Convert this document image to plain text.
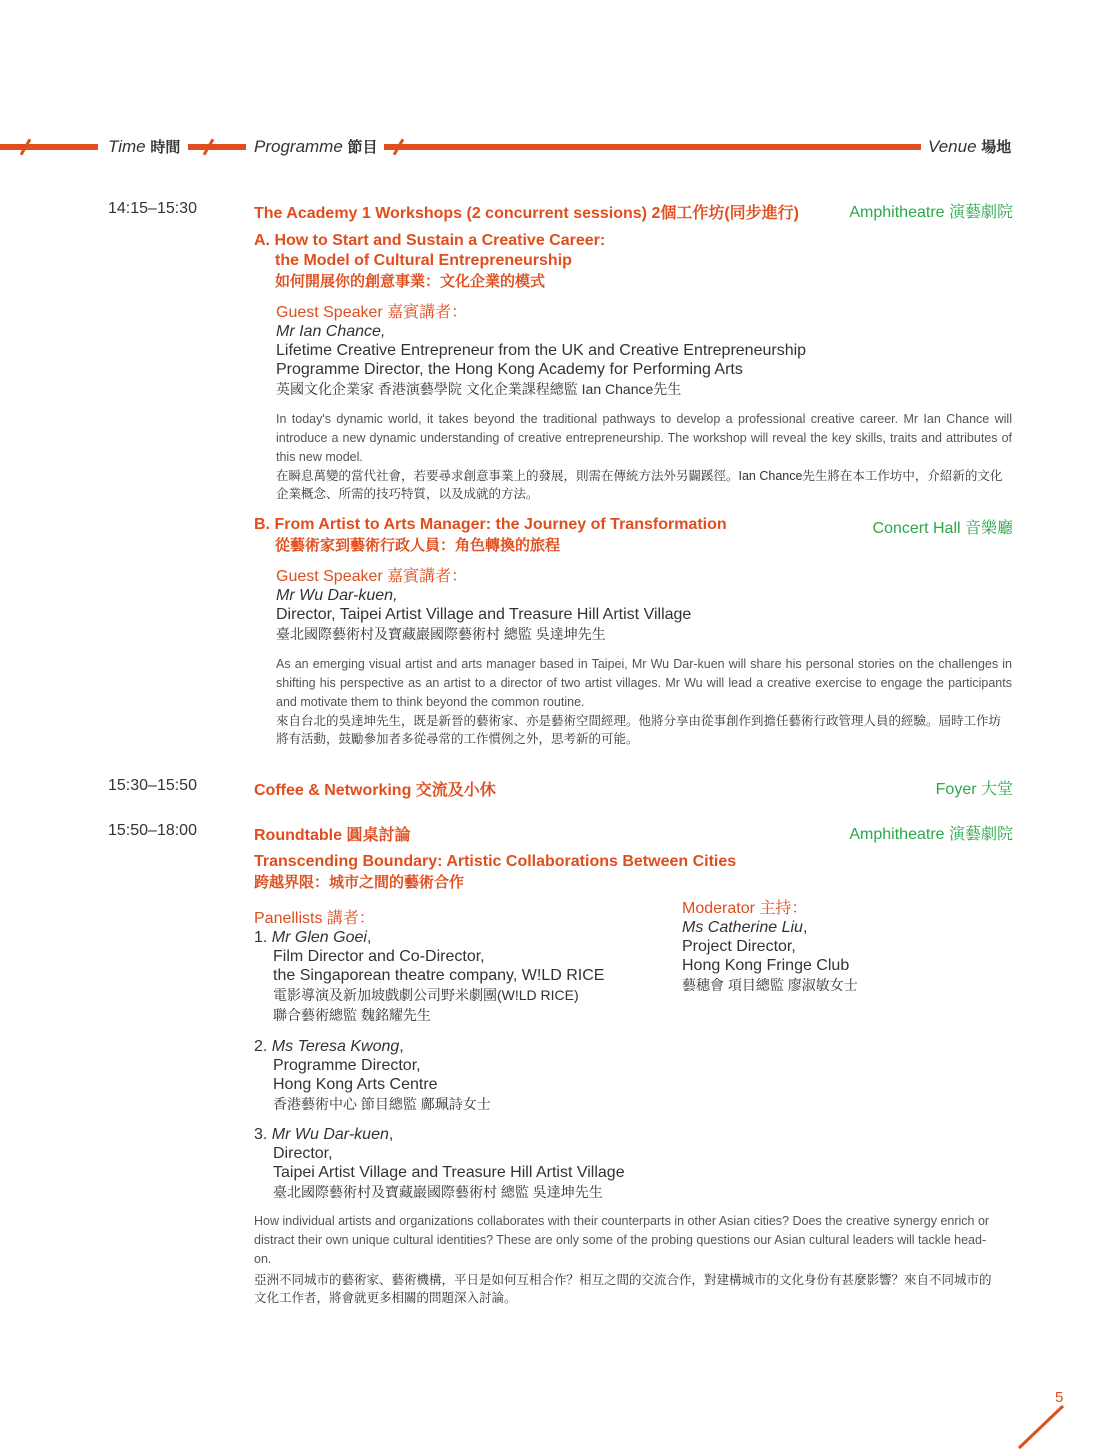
Time 時間	Programme 節目	Venue 場地
14:15–15:30	The Academy 1 Workshops (2 concurrent sessions) 2個工作坊(同步進行)	Amphitheatre 演藝劇院
A. How to Start and Sustain a Creative Career:
the Model of Cultural Entrepreneurship
如何開展你的創意事業：文化企業的模式
Guest Speaker 嘉賓講者：
Mr Ian Chance,
Lifetime Creative Entrepreneur from the UK and Creative Entrepreneurship
Programme Director, the Hong Kong Academy for Performing Arts
英國文化企業家 香港演藝學院 文化企業課程總監 Ian Chance先生
In today's dynamic world, it takes beyond the traditional pathways to develop a professional creative career. Mr Ian Chance will introduce a new dynamic understanding of creative entrepreneurship. The workshop will reveal the key skills, traits and attributes of this new model.
在瞬息萬變的當代社會，若要尋求創意事業上的發展，則需在傳統方法外另闢蹊徑。Ian Chance先生將在本工作坊中，介紹新的文化企業概念、所需的技巧特質，以及成就的方法。
B. From Artist to Arts Manager: the Journey of Transformation
從藝術家到藝術行政人員：角色轉換的旅程
Concert Hall 音樂廳
Guest Speaker 嘉賓講者：
Mr Wu Dar-kuen,
Director, Taipei Artist Village and Treasure Hill Artist Village
臺北國際藝術村及寶藏巖國際藝術村 總監 吳達坤先生
As an emerging visual artist and arts manager based in Taipei, Mr Wu Dar-kuen will share his personal stories on the challenges in shifting his perspective as an artist to a director of two artist villages. Mr Wu will lead a creative exercise to engage the participants and motivate them to think beyond the common routine.
來自台北的吳達坤先生，既是新晉的藝術家、亦是藝術空間經理。他將分享由從事創作到擔任藝術行政管理人員的經驗。屆時工作坊將有活動，鼓勵參加者多從尋常的工作慣例之外，思考新的可能。
15:30–15:50	Coffee & Networking 交流及小休	Foyer 大堂
15:50–18:00	Roundtable 圓桌討論	Amphitheatre 演藝劇院
Transcending Boundary: Artistic Collaborations Between Cities
跨越界限：城市之間的藝術合作
Panellists 講者：
1. Mr Glen Goei,
Film Director and Co-Director,
the Singaporean theatre company, W!LD RICE
電影導演及新加坡戲劇公司野米劇團(W!LD RICE)
聯合藝術總監 魏銘耀先生
2. Ms Teresa Kwong,
Programme Director,
Hong Kong Arts Centre
香港藝術中心 節目總監 鄺珮詩女士
3. Mr Wu Dar-kuen,
Director,
Taipei Artist Village and Treasure Hill Artist Village
臺北國際藝術村及寶藏巖國際藝術村 總監 吳達坤先生
Moderator 主持：
Ms Catherine Liu,
Project Director,
Hong Kong Fringe Club
藝穗會 項目總監 廖淑敏女士
How individual artists and organizations collaborates with their counterparts in other Asian cities? Does the creative synergy enrich or distract their own unique cultural identities? These are only some of the probing questions our Asian cultural leaders will tackle head-on.
亞洲不同城市的藝術家、藝術機構，平日是如何互相合作？相互之間的交流合作，對建構城市的文化身份有甚麼影響？來自不同城市的文化工作者，將會就更多相關的問題深入討論。
5
